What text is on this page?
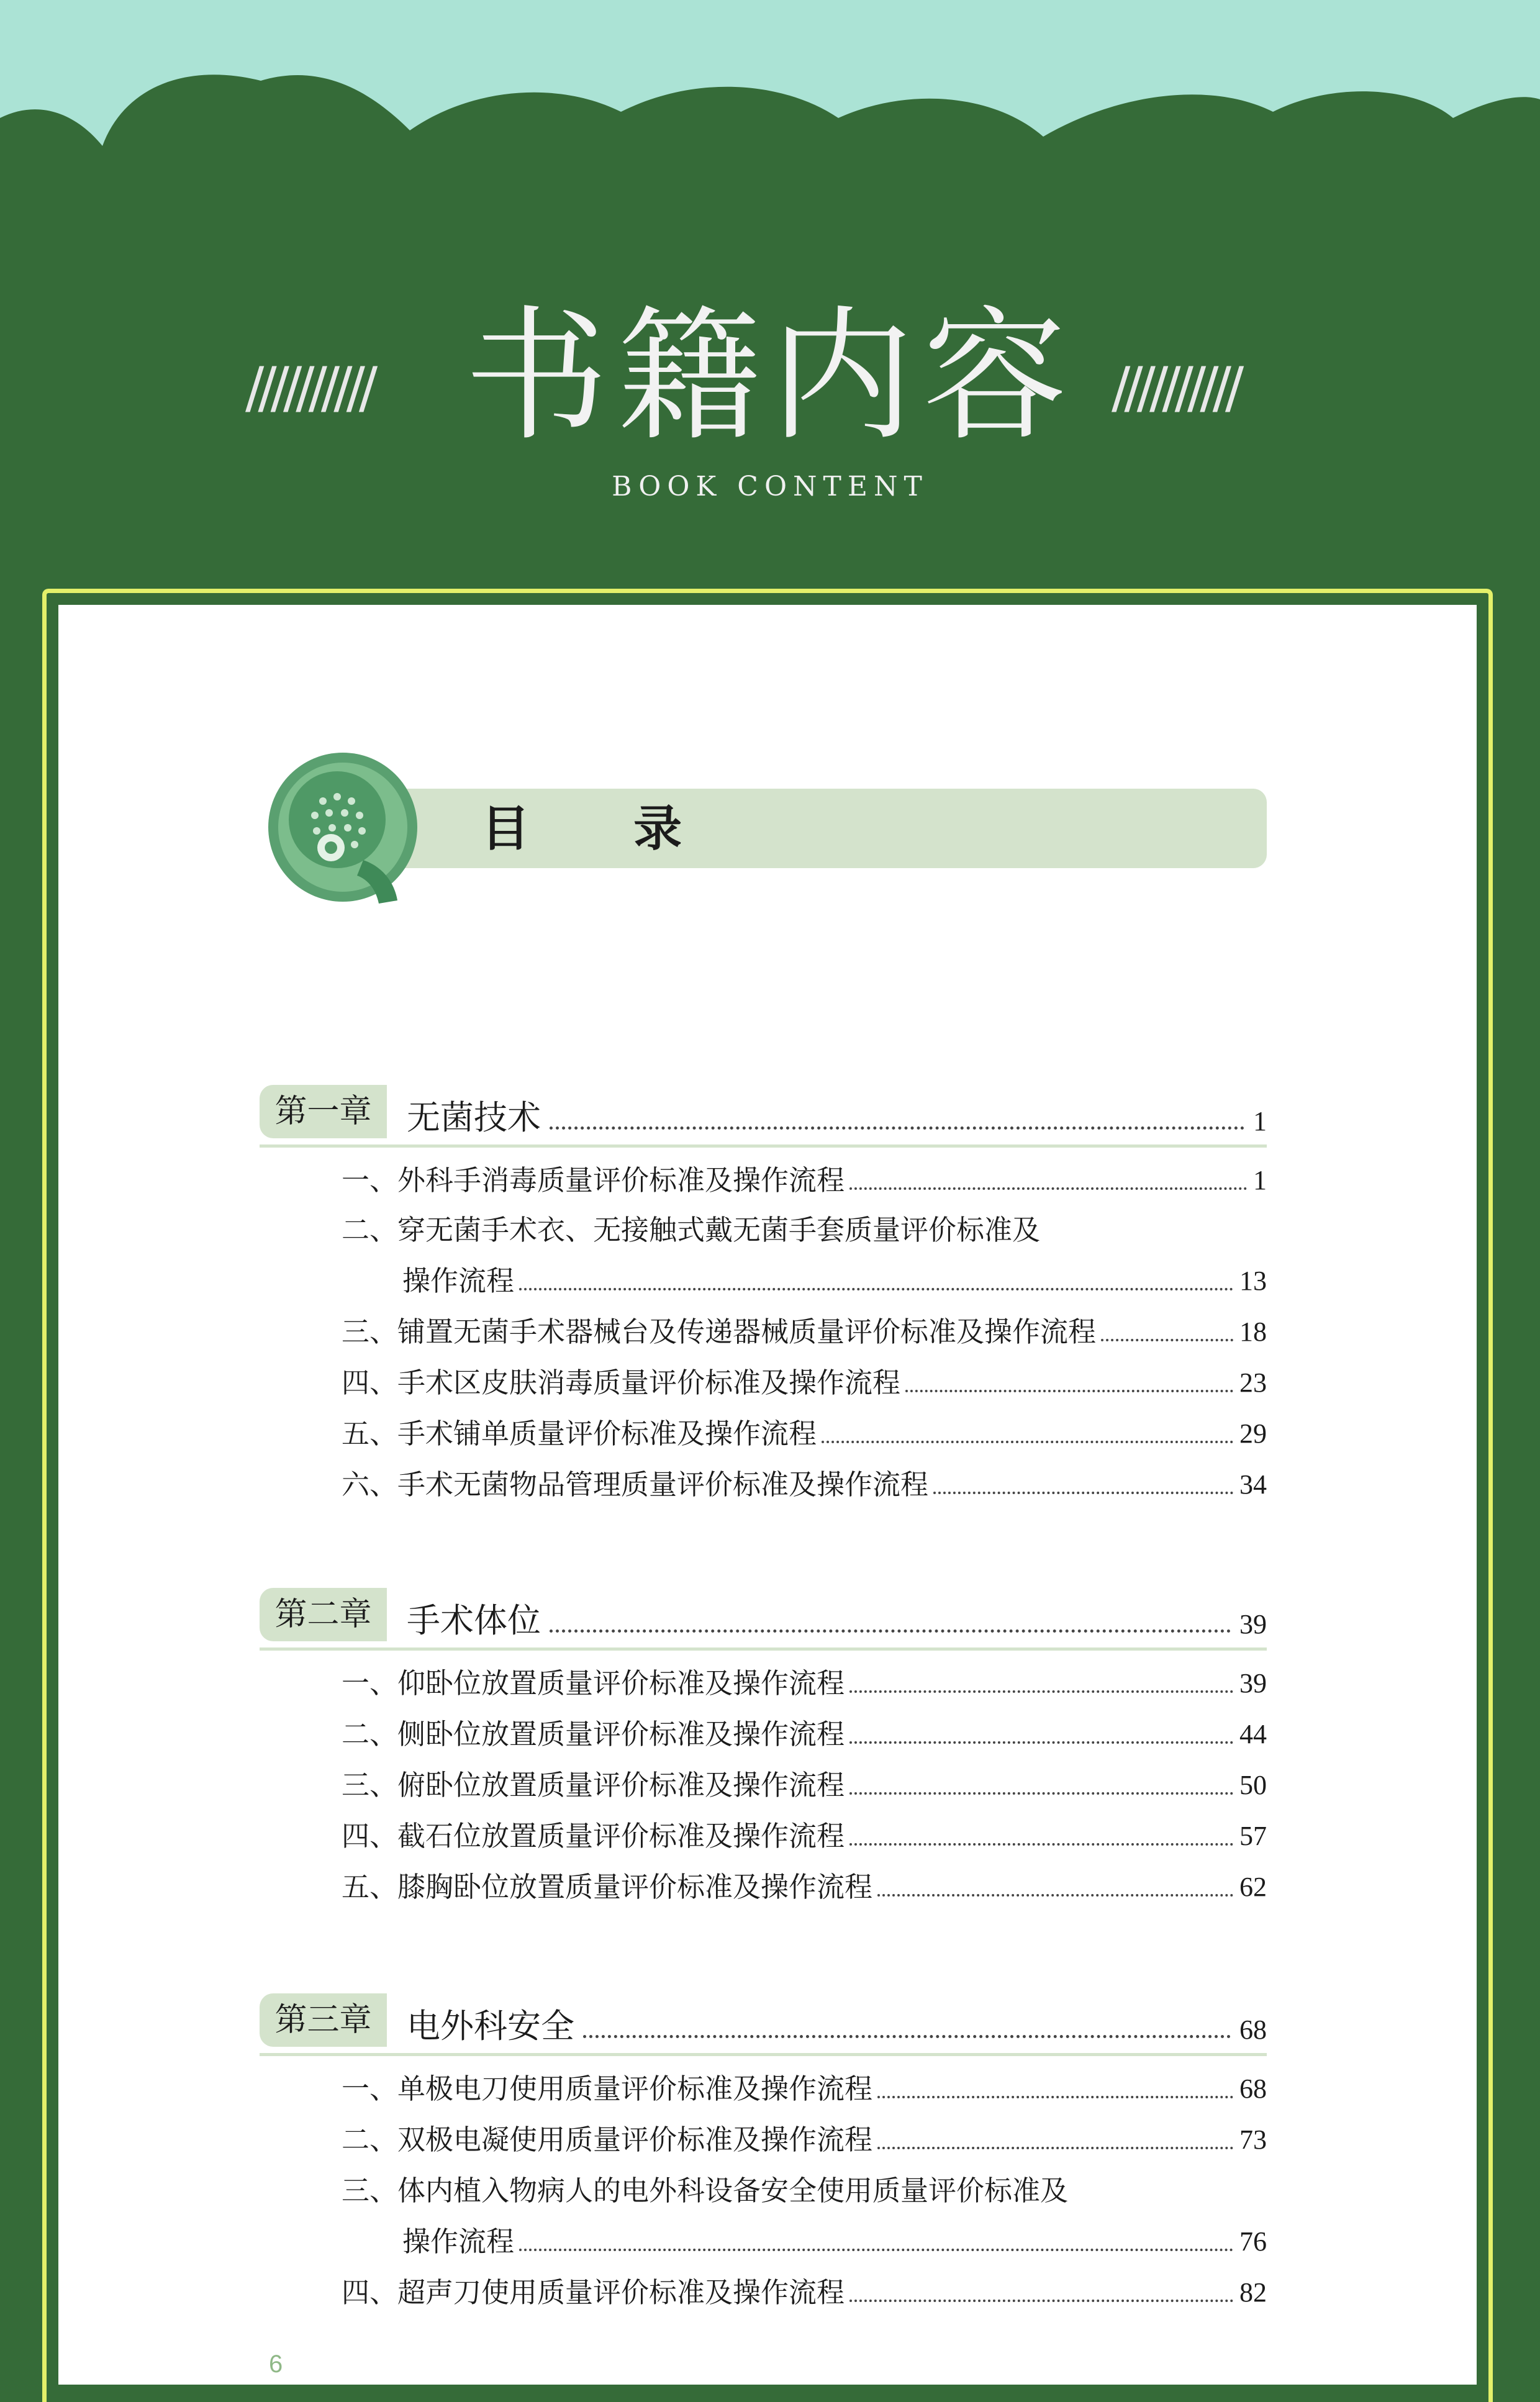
////////// 书籍内容 //////////
BOOK CONTENT
目 录
第一章	无菌技术	1
一、外科手消毒质量评价标准及操作流程	1
二、穿无菌手术衣、无接触式戴无菌手套质量评价标准及
操作流程	13
三、铺置无菌手术器械台及传递器械质量评价标准及操作流程	18
四、手术区皮肤消毒质量评价标准及操作流程	23
五、手术铺单质量评价标准及操作流程	29
六、手术无菌物品管理质量评价标准及操作流程	34
第二章	手术体位	39
一、仰卧位放置质量评价标准及操作流程	39
二、侧卧位放置质量评价标准及操作流程	44
三、俯卧位放置质量评价标准及操作流程	50
四、截石位放置质量评价标准及操作流程	57
五、膝胸卧位放置质量评价标准及操作流程	62
第三章	电外科安全	68
一、单极电刀使用质量评价标准及操作流程	68
二、双极电凝使用质量评价标准及操作流程	73
三、体内植入物病人的电外科设备安全使用质量评价标准及
操作流程	76
四、超声刀使用质量评价标准及操作流程	82
6
